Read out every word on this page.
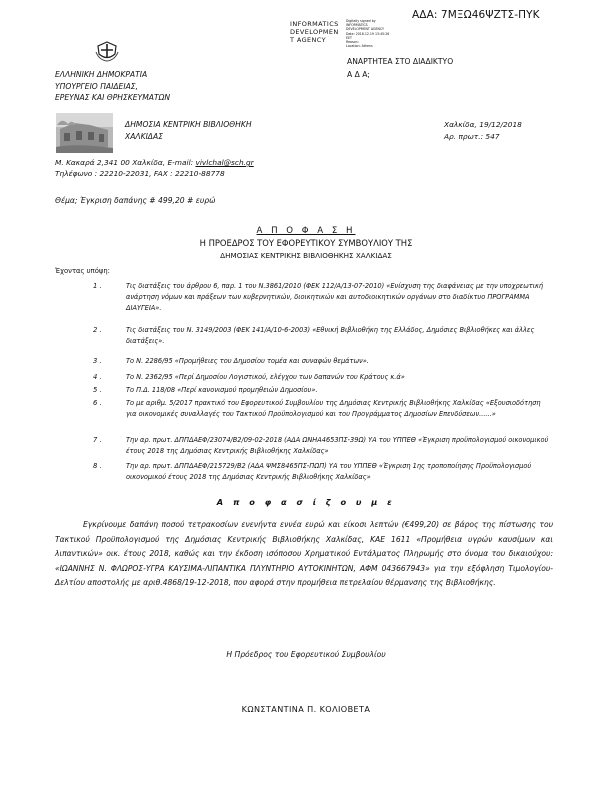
ΑΔΑ: 7ΜΞΩ46ΨΖΤΣ-ΠΥΚ
INFORMATICS
DEVELOPMEN
T AGENCY
Digitally signed by
INFORMATICS
DEVELOPMENT AGENCY
Date: 2018.12.19 13:45:26
EET
Reason:
Location: Athens
ΑΝΑΡΤΗΤΕΑ ΣΤΟ ΔΙΑΔΙΚΤΥΟ
Α Δ Α;
ΕΛΛΗΝΙΚΗ ΔΗΜΟΚΡΑΤΙΑ
ΥΠΟΥΡΓΕΙΟ ΠΑΙΔΕΙΑΣ,
ΕΡΕΥΝΑΣ ΚΑΙ ΘΡΗΣΚΕΥΜΑΤΩΝ
ΔΗΜΟΣΙΑ ΚΕΝΤΡΙΚΗ ΒΙΒΛΙΟΘΗΚΗ
ΧΑΛΚΙΔΑΣ
Χαλκίδα, 19/12/2018
Αρ. πρωτ.: 547
Μ. Κακαρά 2,341 00 Χαλκίδα, E-mail: vivlchal@sch.gr
Τηλέφωνο : 22210-22031, FAX : 22210-88778
Θέμα; Έγκριση δαπάνης # 499,20 # ευρώ
Α Π Ο Φ Α Σ Η
Η ΠΡΟΕΔΡΟΣ ΤΟΥ ΕΦΟΡΕΥΤΙΚΟΥ ΣΥΜΒΟΥΛΙΟΥ ΤΗΣ
ΔΗΜΟΣΙΑΣ ΚΕΝΤΡΙΚΗΣ ΒΙΒΛΙΟΘΗΚΗΣ ΧΑΛΚΙΔΑΣ
Έχοντας υπόψη:
1 .	Τις διατάξεις του άρθρου 6, παρ. 1 του Ν.3861/2010 (ΦΕΚ 112/Α/13-07-2010) «Ενίσχυση της διαφάνειας με την υποχρεωτική ανάρτηση νόμων και πράξεων των κυβερνητικών, διοικητικών και αυτοδιοικητικών οργάνων στο διαδίκτυο ΠΡΟΓΡΑΜΜΑ ΔΙΑΥΓΕΙΑ».
2 .	Τις διατάξεις του Ν. 3149/2003 (ΦΕΚ 141/Α/10-6-2003) «Εθνική Βιβλιοθήκη της Ελλάδος, Δημόσιες Βιβλιοθήκες και άλλες διατάξεις».
3 .	Το Ν. 2286/95 «Προμήθειες του Δημοσίου τομέα και συναφών θεμάτων».
4 .	Το Ν. 2362/95 «Περί Δημοσίου Λογιστικού, ελέγχου των δαπανών του Κράτους κ.ά»
5 .	Το Π.Δ. 118/08 «Περί κανονισμού προμηθειών Δημοσίου».
6 .	Το με αριθμ. 5/2017 πρακτικό του Εφορευτικού Συμβουλίου της Δημόσιας Κεντρικής Βιβλιοθήκης Χαλκίδας «Εξουσιοδότηση για οικονομικές συναλλαγές του Τακτικού Προϋπολογισμού και του Προγράμματος Δημοσίων Επενδύσεων......»
7 .	Την αρ. πρωτ. ΔΠΠΔΑΕΦ/23074/Β2/09-02-2018 (ΑΔΑ ΩΝΗΑ4653ΠΣ-39Ω) ΥΑ του ΥΠΠΕΘ «Έγκριση προϋπολογισμού οικονομικού έτους 2018 της Δημόσιας Κεντρικής Βιβλιοθήκης Χαλκίδας»
8 .	Την αρ. πρωτ. ΔΠΠΔΑΕΦ/215729/Β2 (ΑΔΑ ΨΜΣ8465ΠΣ-ΠΩΠ) ΥΑ του ΥΠΠΕΘ «Έγκριση 1ης τροποποίησης Προϋπολογισμού οικονομικού έτους 2018 της Δημόσιας Κεντρικής Βιβλιοθήκης Χαλκίδας»
Α π ο φ α σ ί ζ ο υ μ ε
Εγκρίνουμε δαπάνη ποσού τετρακοσίων ενενήντα εννέα ευρώ και είκοσι λεπτών (€499,20) σε βάρος της πίστωσης του Τακτικού Προϋπολογισμού της Δημόσιας Κεντρικής Βιβλιοθήκης Χαλκίδας, ΚΑΕ 1611 «Προμήθεια υγρών καυσίμων και λιπαντικών» οικ. έτους 2018, καθώς και την έκδοση ισόποσου Χρηματικού Εντάλματος Πληρωμής στο όνομα του δικαιούχου: «ΙΩΑΝΝΗΣ Ν. ΦΛΩΡΟΣ-ΥΓΡΑ ΚΑΥΣΙΜΑ-ΛΙΠΑΝΤΙΚΑ ΠΛΥΝΤΗΡΙΟ ΑΥΤΟΚΙΝΗΤΩΝ, ΑΦΜ 043667943» για την εξόφληση Τιμολογίου-Δελτίου αποστολής με αριθ.4868/19-12-2018, που αφορά στην προμήθεια πετρελαίου θέρμανσης της Βιβλιοθήκης.
Η Πρόεδρος του Εφορευτικού Συμβουλίου
ΚΩΝΣΤΑΝΤΙΝΑ Π. ΚΟΛΙΟΒΕΤΑ
